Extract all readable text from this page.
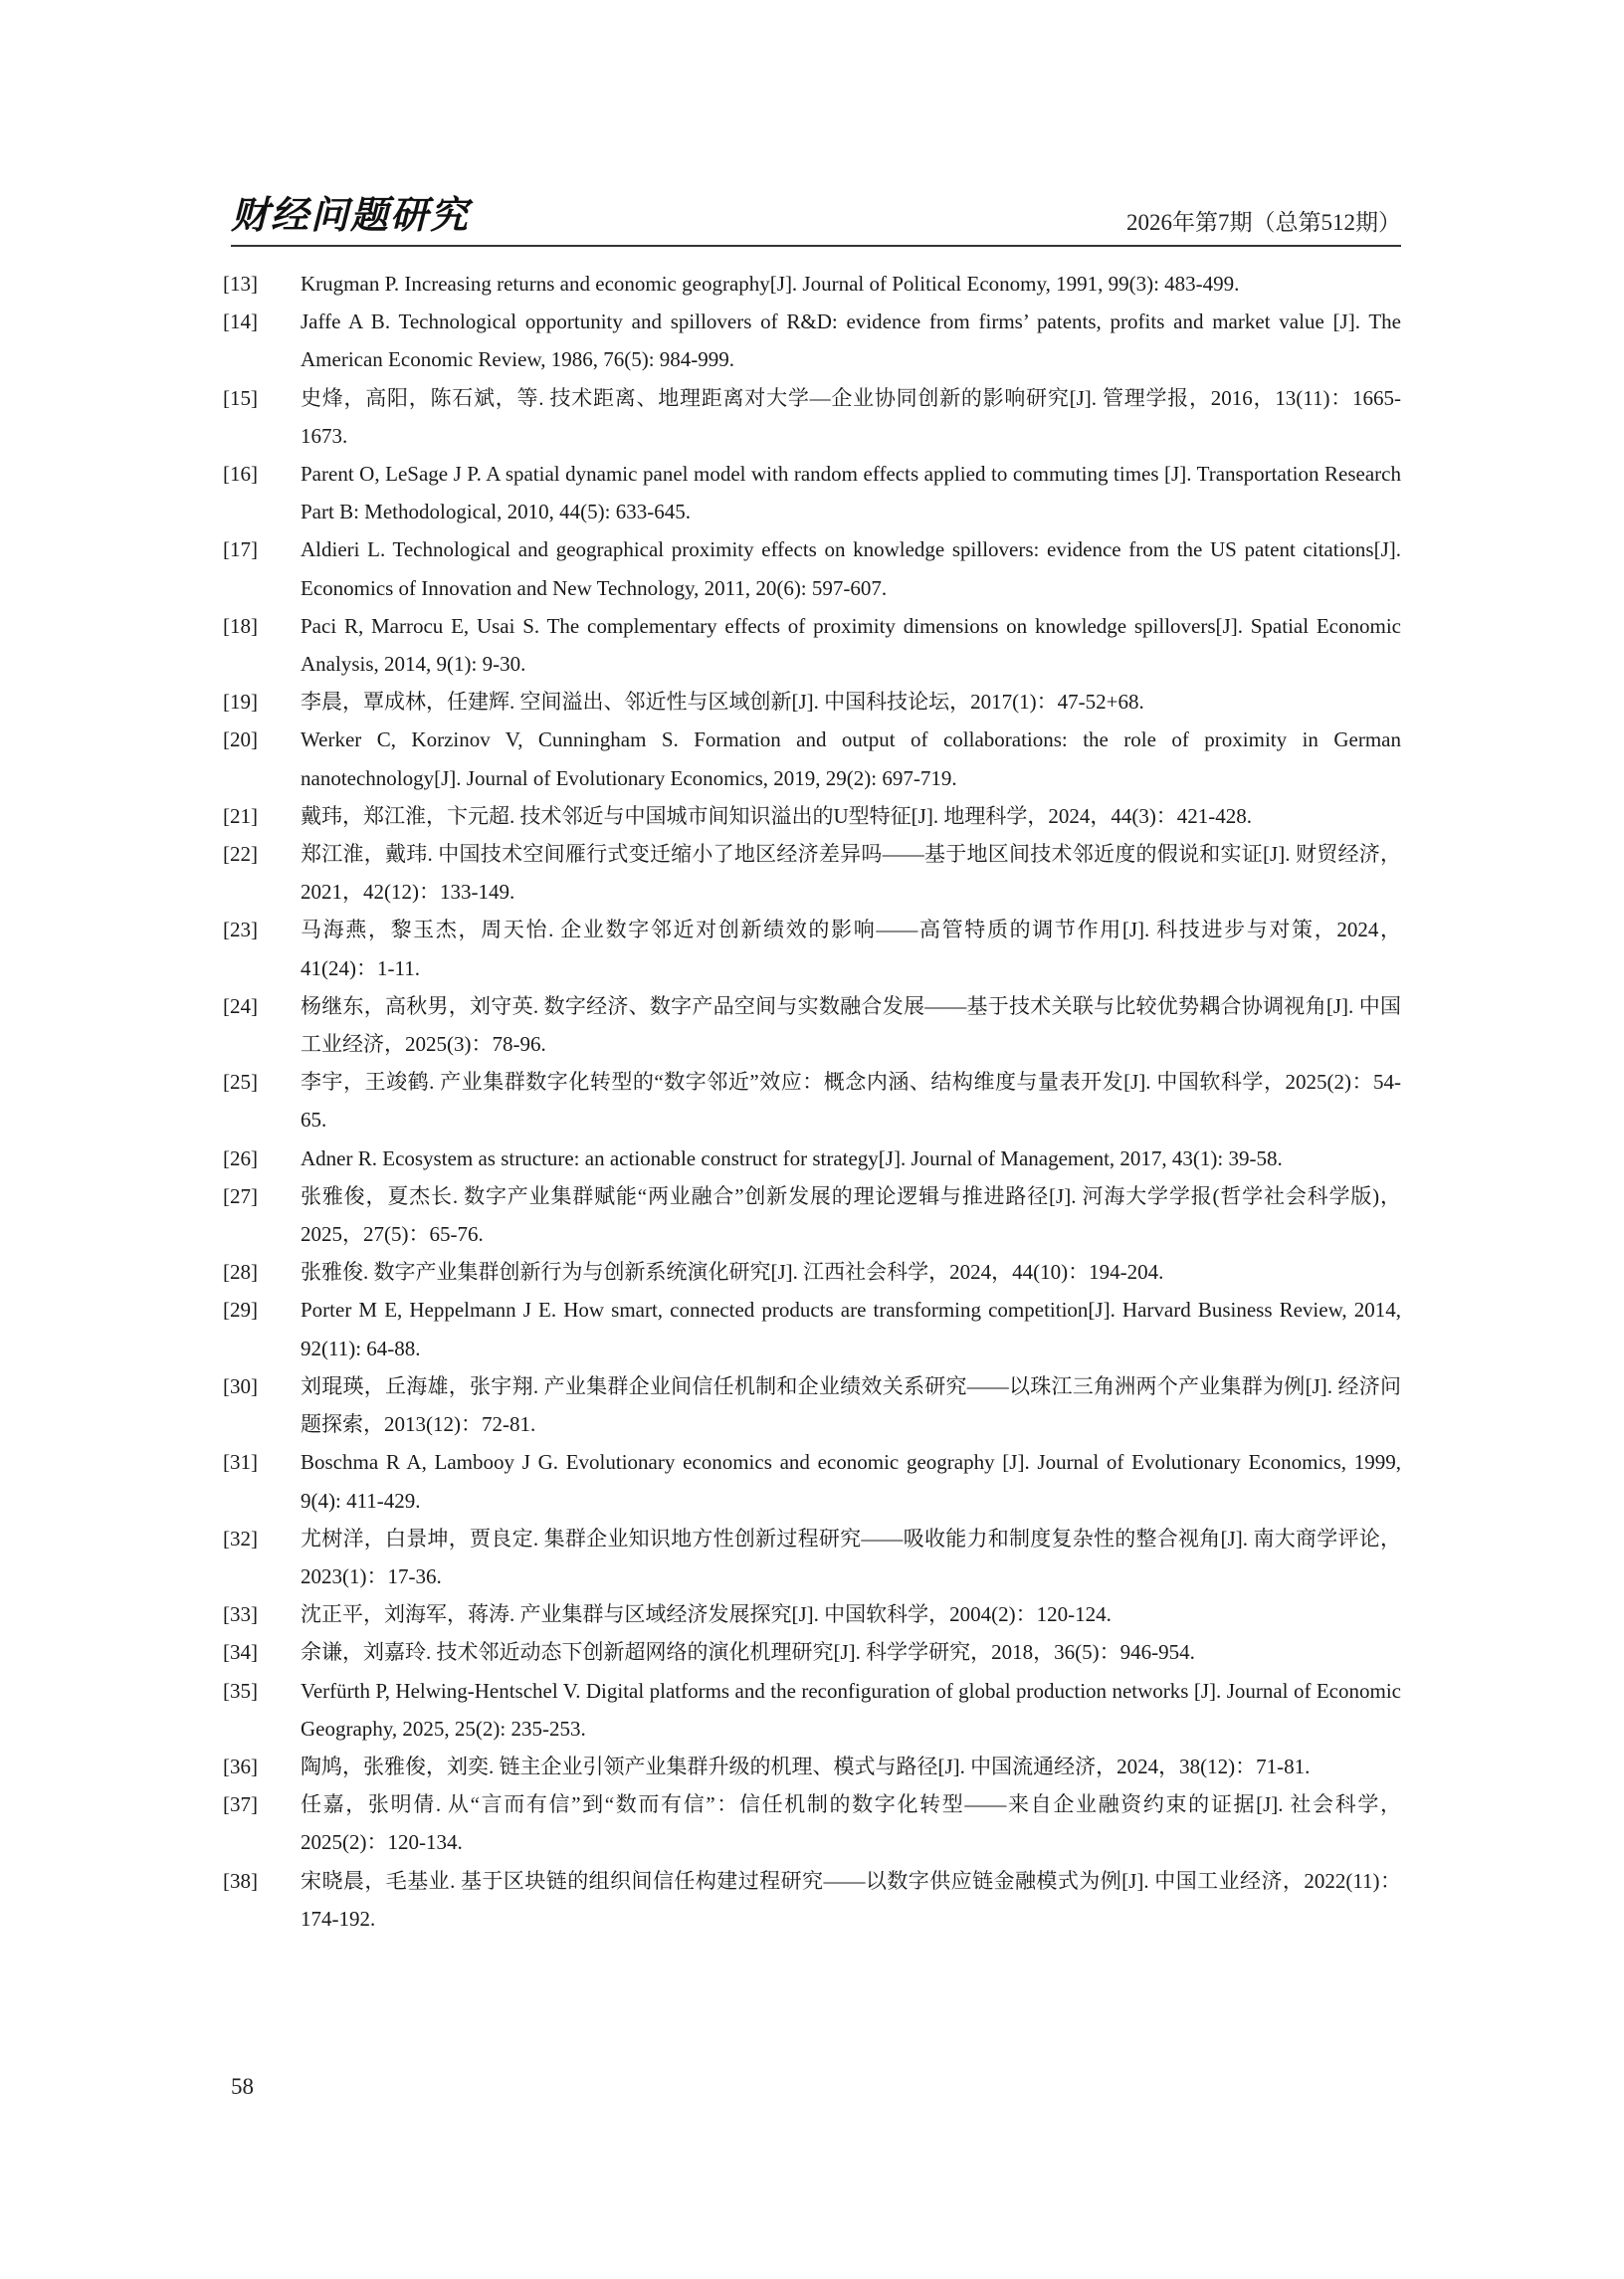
财经问题研究	2026年第7期（总第512期）
[13]	Krugman P. Increasing returns and economic geography[J]. Journal of Political Economy, 1991, 99(3): 483-499.
[14]	Jaffe A B. Technological opportunity and spillovers of R&D: evidence from firms’ patents, profits and market value [J]. The American Economic Review, 1986, 76(5): 984-999.
[15]	史烽，高阳，陈石斌，等. 技术距离、地理距离对大学—企业协同创新的影响研究[J]. 管理学报，2016，13(11)：1665-1673.
[16]	Parent O, LeSage J P. A spatial dynamic panel model with random effects applied to commuting times [J]. Transportation Research Part B: Methodological, 2010, 44(5): 633-645.
[17]	Aldieri L. Technological and geographical proximity effects on knowledge spillovers: evidence from the US patent citations[J]. Economics of Innovation and New Technology, 2011, 20(6): 597-607.
[18]	Paci R, Marrocu E, Usai S. The complementary effects of proximity dimensions on knowledge spillovers[J]. Spatial Economic Analysis, 2014, 9(1): 9-30.
[19]	李晨，覃成林，任建辉. 空间溢出、邻近性与区域创新[J]. 中国科技论坛，2017(1)：47-52+68.
[20]	Werker C, Korzinov V, Cunningham S. Formation and output of collaborations: the role of proximity in German nanotechnology[J]. Journal of Evolutionary Economics, 2019, 29(2): 697-719.
[21]	戴玮，郑江淮，卞元超. 技术邻近与中国城市间知识溢出的U型特征[J]. 地理科学，2024，44(3)：421-428.
[22]	郑江淮，戴玮. 中国技术空间雁行式变迁缩小了地区经济差异吗——基于地区间技术邻近度的假说和实证[J]. 财贸经济，2021，42(12)：133-149.
[23]	马海燕，黎玉杰，周天怡. 企业数字邻近对创新绩效的影响——高管特质的调节作用[J]. 科技进步与对策，2024，41(24)：1-11.
[24]	杨继东，高秋男，刘守英. 数字经济、数字产品空间与实数融合发展——基于技术关联与比较优势耦合协调视角[J]. 中国工业经济，2025(3)：78-96.
[25]	李宇，王竣鹤. 产业集群数字化转型的“数字邻近”效应：概念内涵、结构维度与量表开发[J]. 中国软科学，2025(2)：54-65.
[26]	Adner R. Ecosystem as structure: an actionable construct for strategy[J]. Journal of Management, 2017, 43(1): 39-58.
[27]	张雅俊，夏杰长. 数字产业集群赋能“两业融合”创新发展的理论逻辑与推进路径[J]. 河海大学学报(哲学社会科学版)，2025，27(5)：65-76.
[28]	张雅俊. 数字产业集群创新行为与创新系统演化研究[J]. 江西社会科学，2024，44(10)：194-204.
[29]	Porter M E, Heppelmann J E. How smart, connected products are transforming competition[J]. Harvard Business Review, 2014, 92(11): 64-88.
[30]	刘琨瑛，丘海雄，张宇翔. 产业集群企业间信任机制和企业绩效关系研究——以珠江三角洲两个产业集群为例[J]. 经济问题探索，2013(12)：72-81.
[31]	Boschma R A, Lambooy J G. Evolutionary economics and economic geography [J]. Journal of Evolutionary Economics, 1999, 9(4): 411-429.
[32]	尤树洋，白景坤，贾良定. 集群企业知识地方性创新过程研究——吸收能力和制度复杂性的整合视角[J]. 南大商学评论，2023(1)：17-36.
[33]	沈正平，刘海军，蒋涛. 产业集群与区域经济发展探究[J]. 中国软科学，2004(2)：120-124.
[34]	余谦，刘嘉玲. 技术邻近动态下创新超网络的演化机理研究[J]. 科学学研究，2018，36(5)：946-954.
[35]	Verfürth P, Helwing-Hentschel V. Digital platforms and the reconfiguration of global production networks [J]. Journal of Economic Geography, 2025, 25(2): 235-253.
[36]	陶鸠，张雅俊，刘奕. 链主企业引领产业集群升级的机理、模式与路径[J]. 中国流通经济，2024，38(12)：71-81.
[37]	任嘉，张明倩. 从“言而有信”到“数而有信”：信任机制的数字化转型——来自企业融资约束的证据[J]. 社会科学，2025(2)：120-134.
[38]	宋晓晨，毛基业. 基于区块链的组织间信任构建过程研究——以数字供应链金融模式为例[J]. 中国工业经济，2022(11)：174-192.
58
